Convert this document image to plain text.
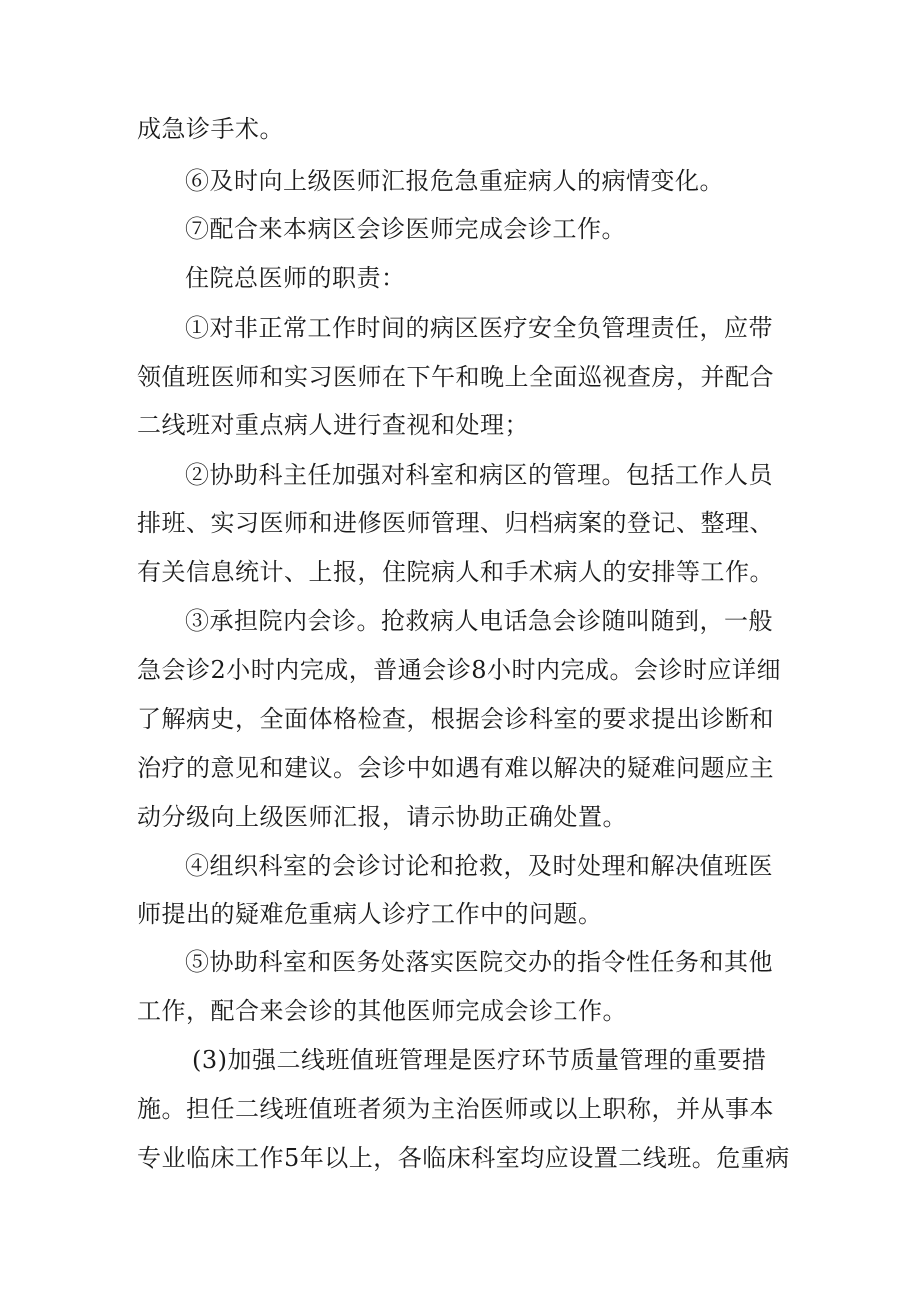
成急诊手术。
⑥及时向上级医师汇报危急重症病人的病情变化。
⑦配合来本病区会诊医师完成会诊工作。
住院总医师的职责：
①对非正常工作时间的病区医疗安全负管理责任，应带
领值班医师和实习医师在下午和晚上全面巡视查房，并配合
二线班对重点病人进行查视和处理；
②协助科主任加强对科室和病区的管理。包括工作人员
排班、实习医师和进修医师管理、归档病案的登记、整理、
有关信息统计、上报，住院病人和手术病人的安排等工作。
③承担院内会诊。抢救病人电话急会诊随叫随到，一般
急会诊2小时内完成，普通会诊8小时内完成。会诊时应详细
了解病史，全面体格检查，根据会诊科室的要求提出诊断和
治疗的意见和建议。会诊中如遇有难以解决的疑难问题应主
动分级向上级医师汇报，请示协助正确处置。
④组织科室的会诊讨论和抢救，及时处理和解决值班医
师提出的疑难危重病人诊疗工作中的问题。
⑤协助科室和医务处落实医院交办的指令性任务和其他
工作，配合来会诊的其他医师完成会诊工作。
(3)加强二线班值班管理是医疗环节质量管理的重要措
施。担任二线班值班者须为主治医师或以上职称，并从事本
专业临床工作5年以上，各临床科室均应设置二线班。危重病
